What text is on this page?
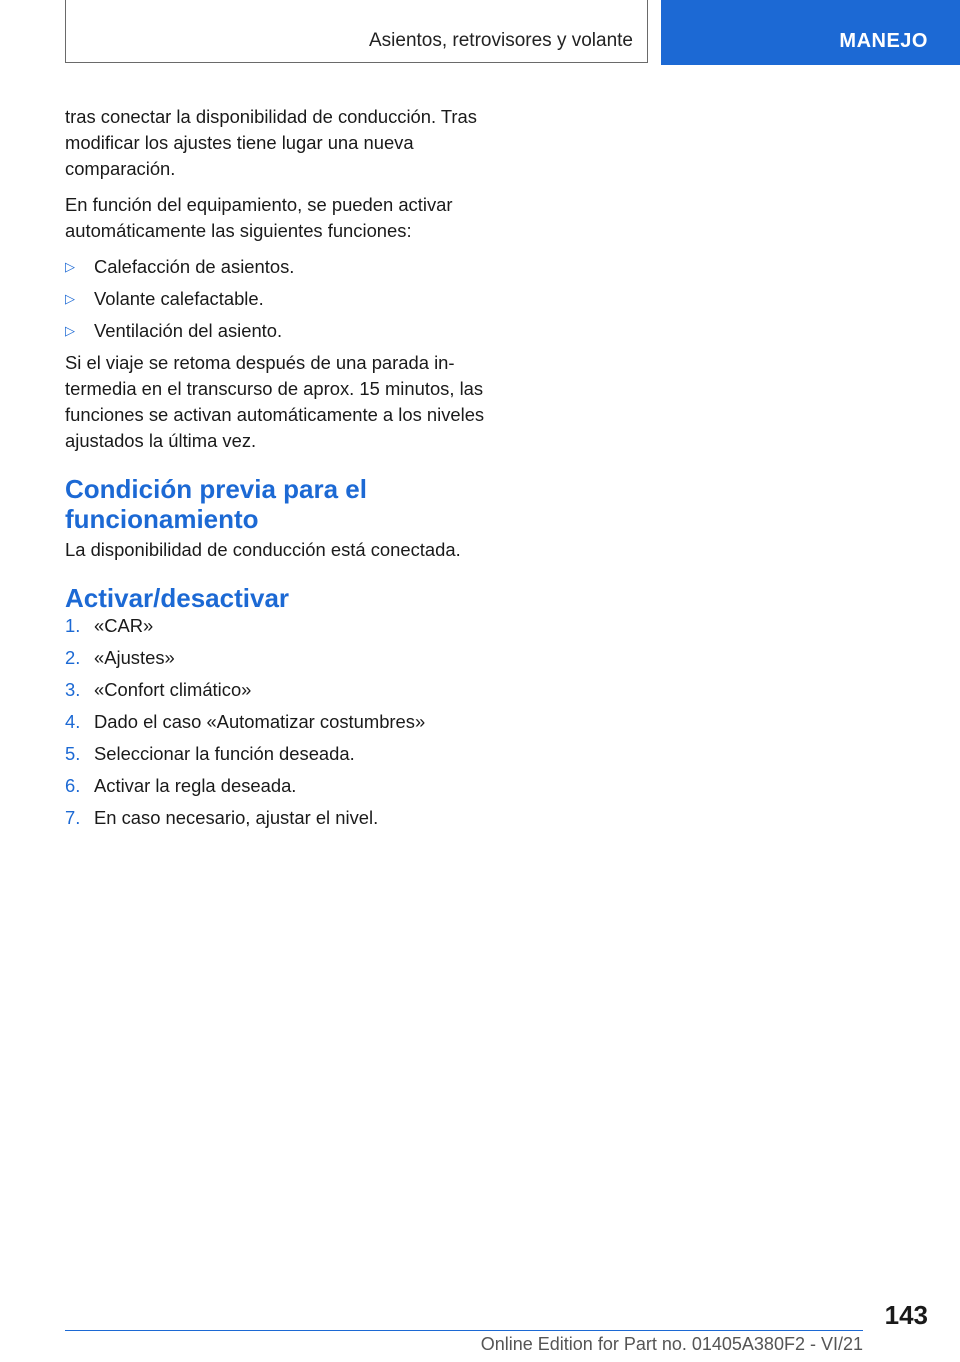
Asientos, retrovisores y volante	MANEJO

tras conectar la disponibilidad de conducción. Tras modificar los ajustes tiene lugar una nueva comparación.

En función del equipamiento, se pueden activar automáticamente las siguientes funciones:

▷ Calefacción de asientos.
▷ Volante calefactable.
▷ Ventilación del asiento.

Si el viaje se retoma después de una parada in-termedia en el transcurso de aprox. 15 minutos, las funciones se activan automáticamente a los niveles ajustados la última vez.

Condición previa para el funcionamiento

La disponibilidad de conducción está conectada.

Activar/desactivar
1. «CAR»
2. «Ajustes»
3. «Confort climático»
4. Dado el caso «Automatizar costumbres»
5. Seleccionar la función deseada.
6. Activar la regla deseada.
7. En caso necesario, ajustar el nivel.
143
Online Edition for Part no. 01405A380F2 - VI/21
